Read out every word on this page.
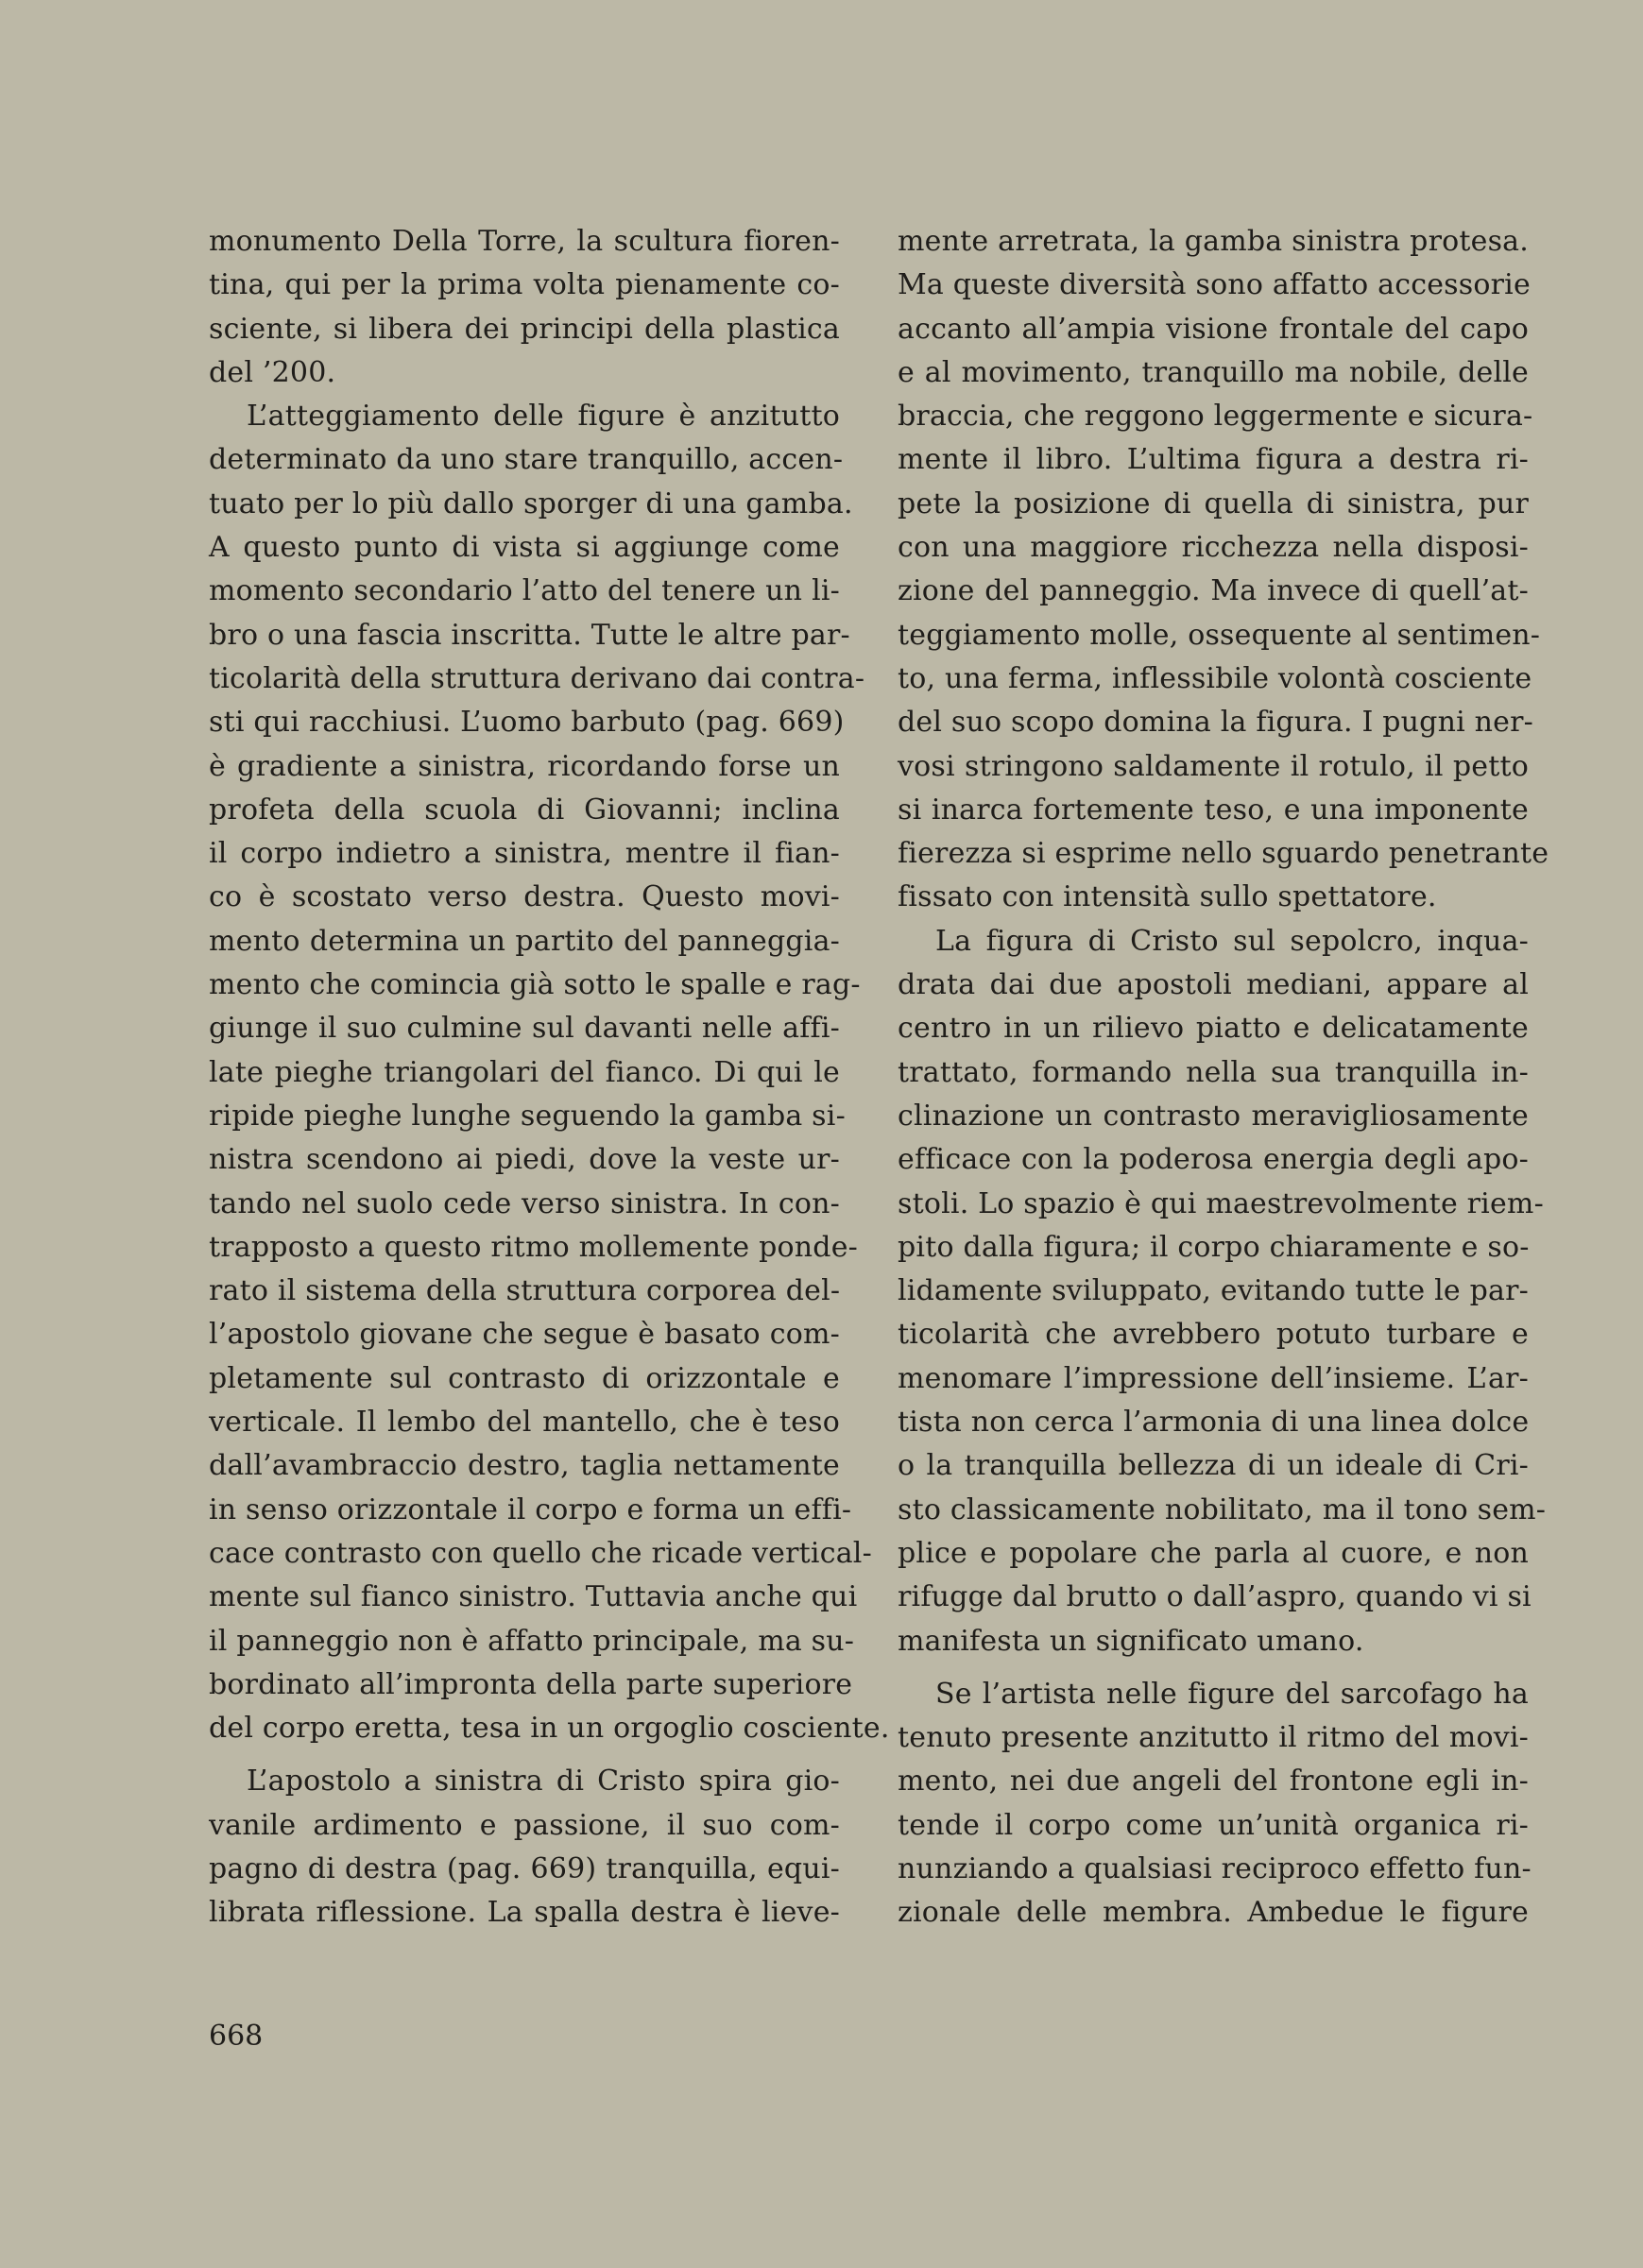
monumento Della Torre, la scultura fioren-
tina, qui per la prima volta pienamente co-
sciente, si libera dei principi della plastica
del ’200.
L’atteggiamento delle figure è anzitutto
determinato da uno stare tranquillo, accen-
tuato per lo più dallo sporger di una gamba.
A questo punto di vista si aggiunge come
momento secondario l’atto del tenere un li-
bro o una fascia inscritta. Tutte le altre par-
ticolarità della struttura derivano dai contra-
sti qui racchiusi. L’uomo barbuto (pag. 669)
è gradiente a sinistra, ricordando forse un
profeta della scuola di Giovanni; inclina
il corpo indietro a sinistra, mentre il fian-
co è scostato verso destra. Questo movi-
mento determina un partito del panneggia-
mento che comincia già sotto le spalle e rag-
giunge il suo culmine sul davanti nelle affi-
late pieghe triangolari del fianco. Di qui le
ripide pieghe lunghe seguendo la gamba si-
nistra scendono ai piedi, dove la veste ur-
tando nel suolo cede verso sinistra. In con-
trapposto a questo ritmo mollemente ponde-
rato il sistema della struttura corporea del-
l’apostolo giovane che segue è basato com-
pletamente sul contrasto di orizzontale e
verticale. Il lembo del mantello, che è teso
dall’avambraccio destro, taglia nettamente
in senso orizzontale il corpo e forma un effi-
cace contrasto con quello che ricade vertical-
mente sul fianco sinistro. Tuttavia anche qui
il panneggio non è affatto principale, ma su-
bordinato all’impronta della parte superiore
del corpo eretta, tesa in un orgoglio cosciente.
L’apostolo a sinistra di Cristo spira gio-
vanile ardimento e passione, il suo com-
pagno di destra (pag. 669) tranquilla, equi-
librata riflessione. La spalla destra è lieve-
mente arretrata, la gamba sinistra protesa.
Ma queste diversità sono affatto accessorie
accanto all’ampia visione frontale del capo
e al movimento, tranquillo ma nobile, delle
braccia, che reggono leggermente e sicura-
mente il libro. L’ultima figura a destra ri-
pete la posizione di quella di sinistra, pur
con una maggiore ricchezza nella disposi-
zione del panneggio. Ma invece di quell’at-
teggiamento molle, ossequente al sentimen-
to, una ferma, inflessibile volontà cosciente
del suo scopo domina la figura. I pugni ner-
vosi stringono saldamente il rotulo, il petto
si inarca fortemente teso, e una imponente
fierezza si esprime nello sguardo penetrante
fissato con intensità sullo spettatore.
La figura di Cristo sul sepolcro, inqua-
drata dai due apostoli mediani, appare al
centro in un rilievo piatto e delicatamente
trattato, formando nella sua tranquilla in-
clinazione un contrasto meravigliosamente
efficace con la poderosa energia degli apo-
stoli. Lo spazio è qui maestrevolmente riem-
pito dalla figura; il corpo chiaramente e so-
lidamente sviluppato, evitando tutte le par-
ticolarità che avrebbero potuto turbare e
menomare l’impressione dell’insieme. L’ar-
tista non cerca l’armonia di una linea dolce
o la tranquilla bellezza di un ideale di Cri-
sto classicamente nobilitato, ma il tono sem-
plice e popolare che parla al cuore, e non
rifugge dal brutto o dall’aspro, quando vi si
manifesta un significato umano.
Se l’artista nelle figure del sarcofago ha
tenuto presente anzitutto il ritmo del movi-
mento, nei due angeli del frontone egli in-
tende il corpo come un’unità organica ri-
nunziando a qualsiasi reciproco effetto fun-
zionale delle membra. Ambedue le figure
668
